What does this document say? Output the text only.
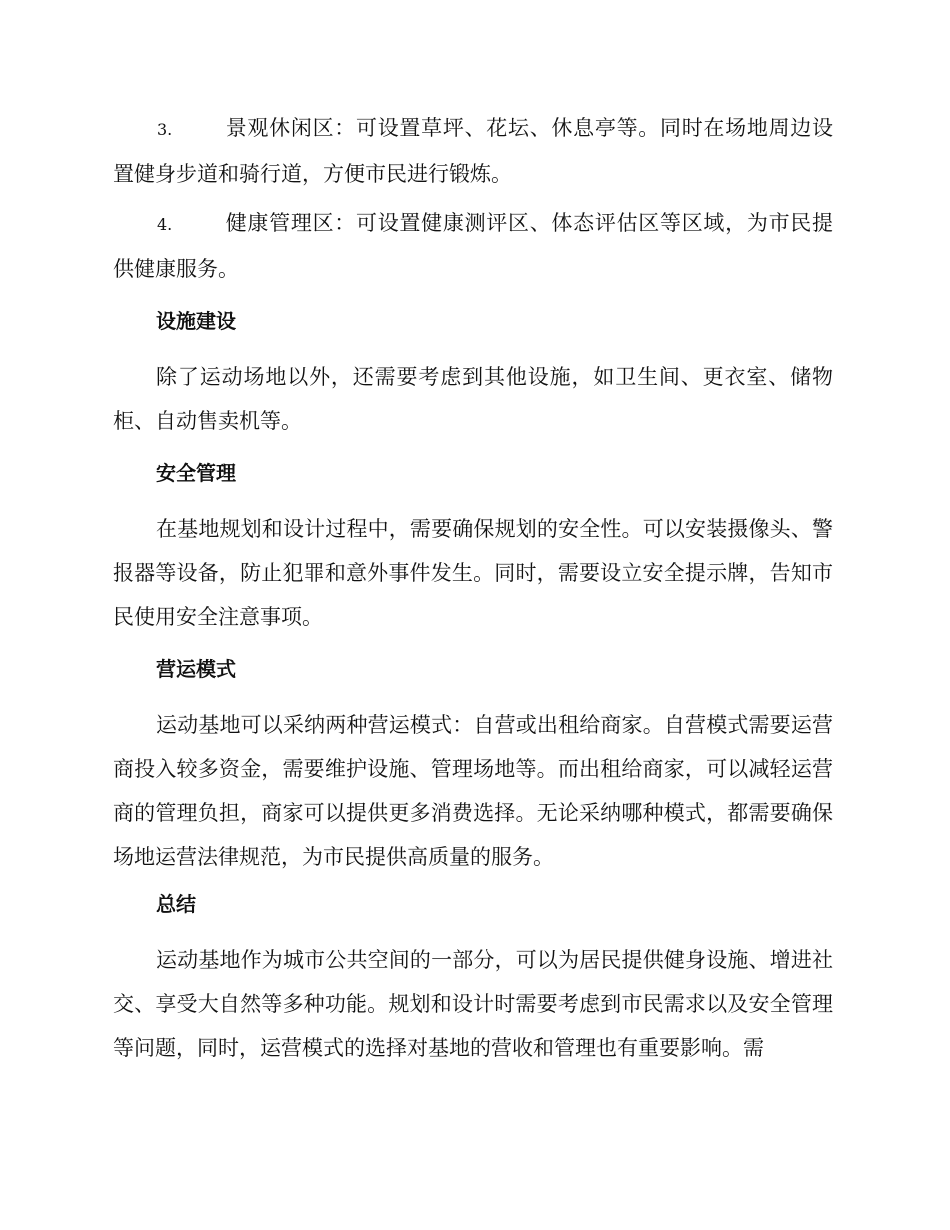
3.	景观休闲区：可设置草坪、花坛、休息亭等。同时在场地周边设置健身步道和骑行道，方便市民进行锻炼。
4.	健康管理区：可设置健康测评区、体态评估区等区域，为市民提供健康服务。
设施建设
除了运动场地以外，还需要考虑到其他设施，如卫生间、更衣室、储物柜、自动售卖机等。
安全管理
在基地规划和设计过程中，需要确保规划的安全性。可以安装摄像头、警报器等设备，防止犯罪和意外事件发生。同时，需要设立安全提示牌，告知市民使用安全注意事项。
营运模式
运动基地可以采纳两种营运模式：自营或出租给商家。自营模式需要运营商投入较多资金，需要维护设施、管理场地等。而出租给商家，可以减轻运营商的管理负担，商家可以提供更多消费选择。无论采纳哪种模式，都需要确保场地运营法律规范，为市民提供高质量的服务。
总结
运动基地作为城市公共空间的一部分，可以为居民提供健身设施、增进社交、享受大自然等多种功能。规划和设计时需要考虑到市民需求以及安全管理等问题，同时，运营模式的选择对基地的营收和管理也有重要影响。需
